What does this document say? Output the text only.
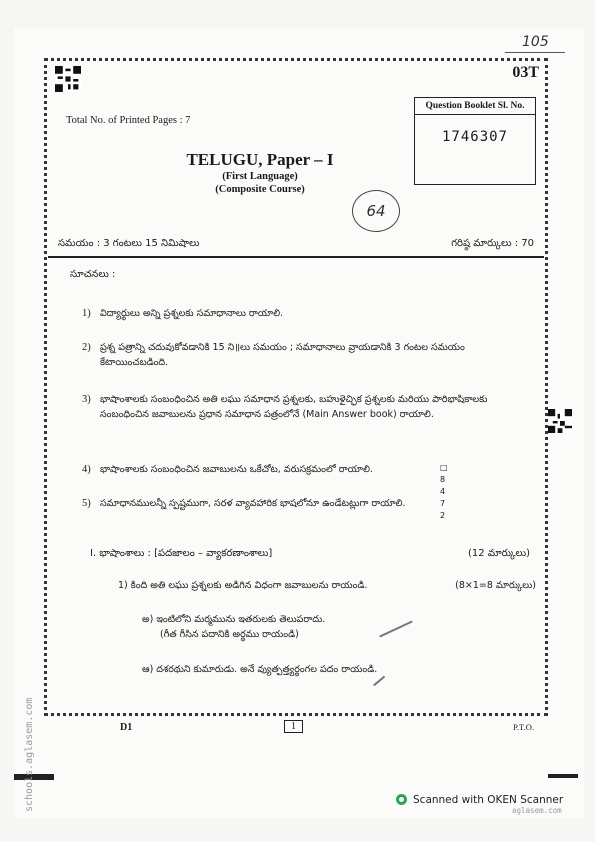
105
03T
Total No. of Printed Pages : 7
Question Booklet Sl. No.
1746307
TELUGU, Paper – I
(First Language)
(Composite Course)
64
సమయం : 3 గంటలు 15 నిమిషాలు	గరిష్ఠ మార్కులు : 70
సూచనలు :
1) విద్యార్థులు అన్ని ప్రశ్నలకు సమాధానాలు రాయాలి.
2) ప్రశ్న పత్రాన్ని చదువుకోవడానికి 15 ని॥లు సమయం ; సమాధానాలు వ్రాయడానికి 3 గంటల సమయం కేటాయించబడింది.
3) భాషాంశాలకు సంబంధించిన అతి లఘు సమాధాన ప్రశ్నలకు, బహుళైచ్ఛిక ప్రశ్నలకు మరియు పారిభాషికాలకు సంబంధించిన జవాబులను ప్రధాన సమాధాన పత్రంలోనే (Main Answer book) రాయాలి.
4) భాషాంశాలకు సంబంధించిన జవాబులను ఒకేచోట, వరుసక్రమంలో రాయాలి.
5) సమాధానములన్నీ స్పష్టముగా, సరళ వ్యావహారిక భాషలోనూ ఉండేటట్లుగా రాయాలి.
□
8
4
7
2
I. భాషాంశాలు : [పదజాలం – వ్యాకరణాంశాలు]	(12 మార్కులు)
1) కింది అతి లఘు ప్రశ్నలకు అడిగిన విధంగా జవాబులను రాయండి.	(8×1=8 మార్కులు)
అ) ఇంటిలోని మర్మమును ఇతరులకు తెలుపరాదు.
(గీత గీసిన పదానికి అర్థము రాయండి)
ఆ) దశరథుని కుమారుడు. అనే వ్యుత్పత్త్యర్థంగల పదం రాయండి.
D1	1	P.T.O.
schools.aglasem.com	Scanned with OKEN Scanner
aglasem.com
